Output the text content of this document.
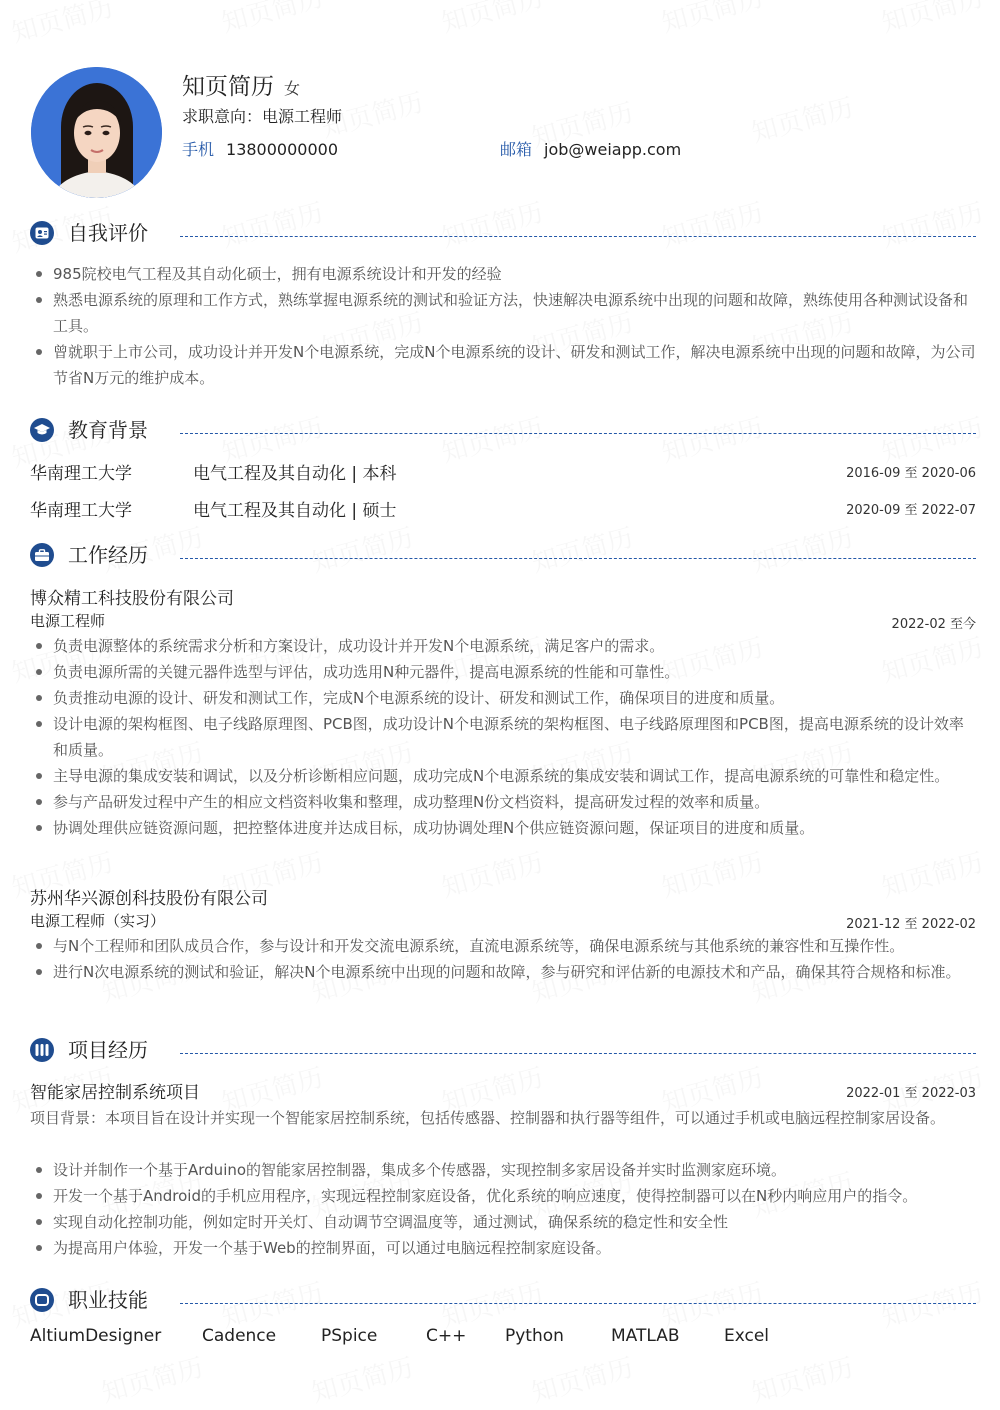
知页简历 女
求职意向：电源工程师
手机 13800000000	邮箱 job@weiapp.com
自我评价
985院校电气工程及其自动化硕士，拥有电源系统设计和开发的经验
熟悉电源系统的原理和工作方式，熟练掌握电源系统的测试和验证方法，快速解决电源系统中出现的问题和故障，熟练使用各种测试设备和工具。
曾就职于上市公司，成功设计并开发N个电源系统，完成N个电源系统的设计、研发和测试工作，解决电源系统中出现的问题和故障，为公司节省N万元的维护成本。
教育背景
华南理工大学	电气工程及其自动化 | 本科	2016-09 至 2020-06
华南理工大学	电气工程及其自动化 | 硕士	2020-09 至 2022-07
工作经历
博众精工科技股份有限公司
电源工程师	2022-02 至今
负责电源整体的系统需求分析和方案设计，成功设计并开发N个电源系统，满足客户的需求。
负责电源所需的关键元器件选型与评估，成功选用N种元器件，提高电源系统的性能和可靠性。
负责推动电源的设计、研发和测试工作，完成N个电源系统的设计、研发和测试工作，确保项目的进度和质量。
设计电源的架构框图、电子线路原理图、PCB图，成功设计N个电源系统的架构框图、电子线路原理图和PCB图，提高电源系统的设计效率和质量。
主导电源的集成安装和调试，以及分析诊断相应问题，成功完成N个电源系统的集成安装和调试工作，提高电源系统的可靠性和稳定性。
参与产品研发过程中产生的相应文档资料收集和整理，成功整理N份文档资料，提高研发过程的效率和质量。
协调处理供应链资源问题，把控整体进度并达成目标，成功协调处理N个供应链资源问题，保证项目的进度和质量。
苏州华兴源创科技股份有限公司
电源工程师（实习）	2021-12 至 2022-02
与N个工程师和团队成员合作，参与设计和开发交流电源系统，直流电源系统等，确保电源系统与其他系统的兼容性和互操作性。
进行N次电源系统的测试和验证，解决N个电源系统中出现的问题和故障，参与研究和评估新的电源技术和产品，确保其符合规格和标准。
项目经历
智能家居控制系统项目	2022-01 至 2022-03
项目背景：本项目旨在设计并实现一个智能家居控制系统，包括传感器、控制器和执行器等组件，可以通过手机或电脑远程控制家居设备。
设计并制作一个基于Arduino的智能家居控制器，集成多个传感器，实现控制多家居设备并实时监测家庭环境。
开发一个基于Android的手机应用程序，实现远程控制家庭设备，优化系统的响应速度，使得控制器可以在N秒内响应用户的指令。
实现自动化控制功能，例如定时开关灯、自动调节空调温度等，通过测试，确保系统的稳定性和安全性
为提高用户体验，开发一个基于Web的控制界面，可以通过电脑远程控制家庭设备。
职业技能
AltiumDesigner Cadence	PSpice	C++ Python	MATLAB	Excel
